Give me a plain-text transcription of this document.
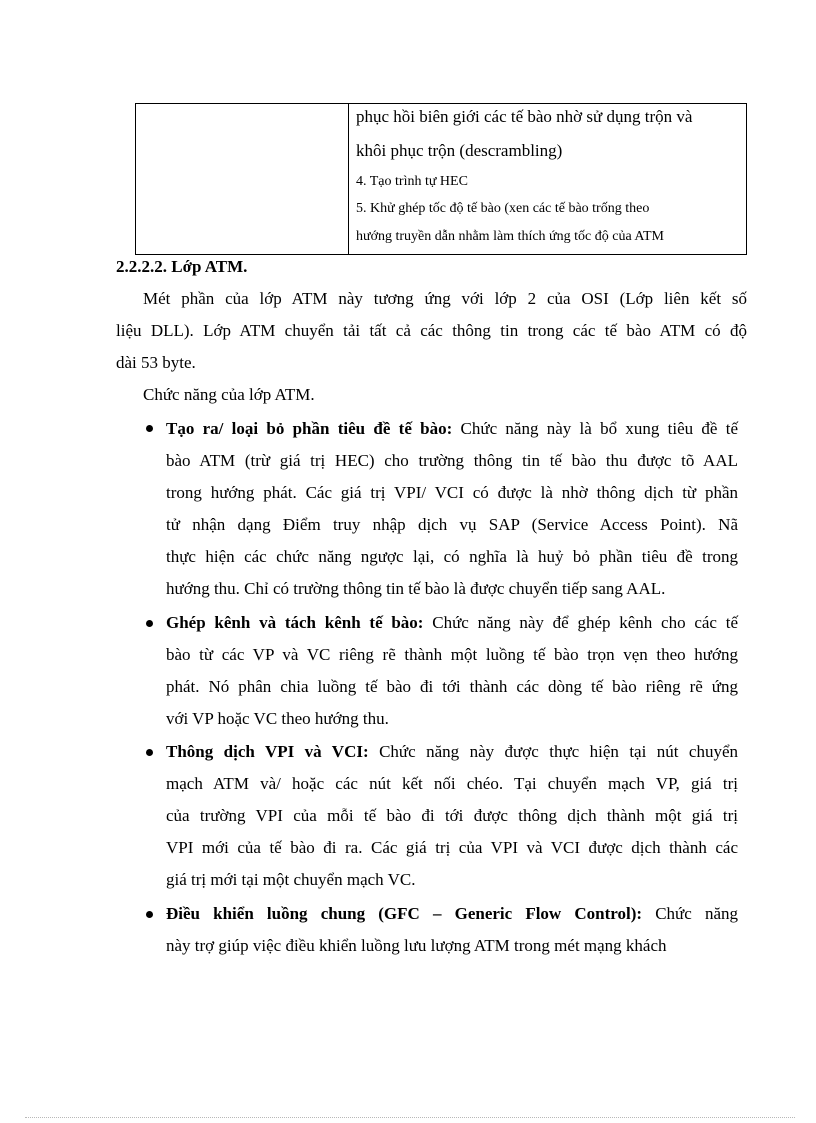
phục hồi biên giới các tế bào nhờ sử dụng trộn và
khôi phục trộn (descrambling)
4. Tạo trình tự HEC
5. Khử ghép tốc độ tế bào (xen các tế bào trống theo
hướng truyền dẫn nhằm làm thích ứng tốc độ của ATM
2.2.2.2. Lớp ATM.
Mét phần của lớp ATM này tương ứng với lớp 2 của OSI (Lớp liên kết số
liệu DLL). Lớp ATM chuyển tải tất cả các thông tin trong các tế bào ATM có độ
dài 53 byte.
Chức năng của lớp ATM.
Tạo ra/ loại bỏ phần tiêu đề tế bào: Chức năng này là bổ xung tiêu đề tế
bào ATM (trừ giá trị HEC) cho trường thông tin tế bào thu được tõ AAL
trong hướng phát. Các giá trị VPI/ VCI có được là nhờ thông dịch từ phần
tử nhận dạng Điểm truy nhập dịch vụ SAP (Service Access Point). Nã
thực hiện các chức năng ngược lại, có nghĩa là huỷ bỏ phần tiêu đề trong
hướng thu. Chỉ có trường thông tin tế bào là được chuyển tiếp sang AAL.
Ghép kênh và tách kênh tế bào: Chức năng này để ghép kênh cho các tế
bào từ các VP và VC riêng rẽ thành một luồng tế bào trọn vẹn theo hướng
phát. Nó phân chia luồng tế bào đi tới thành các dòng tế bào riêng rẽ ứng
với VP hoặc VC theo hướng thu.
Thông dịch VPI và VCI: Chức năng này được thực hiện tại nút chuyển
mạch ATM và/ hoặc các nút kết nối chéo. Tại chuyển mạch VP, giá trị
của trường VPI của mỗi tế bào đi tới được thông dịch thành một giá trị
VPI mới của tế bào đi ra. Các giá trị của VPI và VCI được dịch thành các
giá trị mới tại một chuyển mạch VC.
Điều khiển luồng chung (GFC – Generic Flow Control): Chức năng
này trợ giúp việc điều khiển luồng lưu lượng ATM trong mét mạng khách
